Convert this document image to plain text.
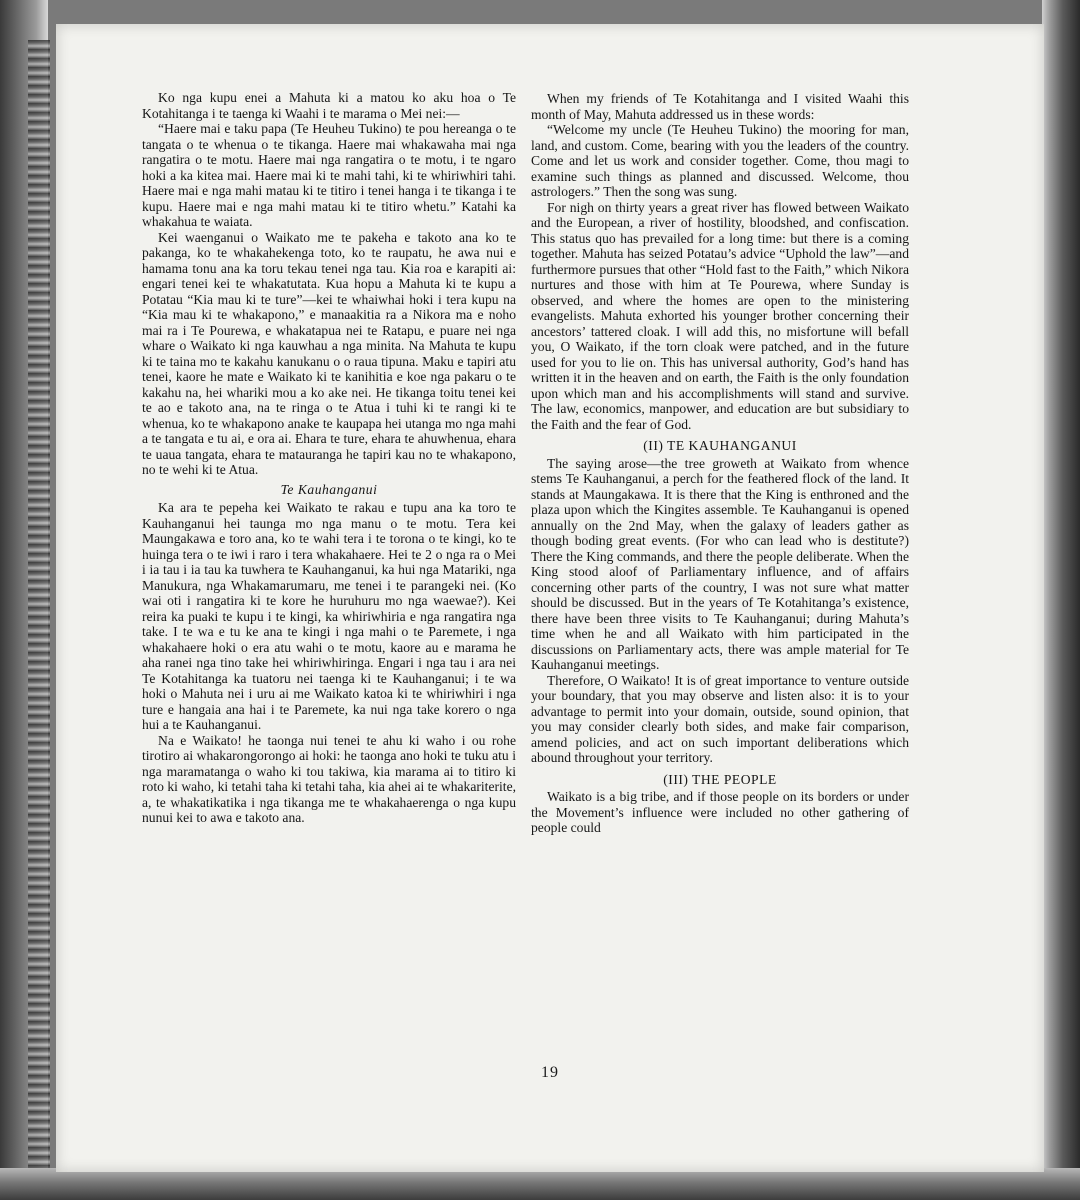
Ko nga kupu enei a Mahuta ki a matou ko aku hoa o Te Kotahitanga i te taenga ki Waahi i te marama o Mei nei:—

“Haere mai e taku papa (Te Heuheu Tukino) te pou hereanga o te tangata o te whenua o te tikanga. Haere mai whakawaha mai nga rangatira o te motu. Haere mai nga rangatira o te motu, i te ngaro hoki a ka kitea mai. Haere mai ki te mahi tahi, ki te whiriwhiri tahi. Haere mai e nga mahi matau ki te titiro i tenei hanga i te tikanga i te kupu. Haere mai e nga mahi matau ki te titiro whetu.” Katahi ka whakahua te waiata.

Kei waenganui o Waikato me te pakeha e takoto ana ko te pakanga, ko te whakahekenga toto, ko te raupatu, he awa nui e hamama tonu ana ka toru tekau tenei nga tau. Kia roa e karapiti ai: engari tenei kei te whakatutata. Kua hopu a Mahuta ki te kupu a Potatau “Kia mau ki te ture”—kei te whaiwhai hoki i tera kupu na “Kia mau ki te whakapono,” e manaakitia ra a Nikora ma e noho mai ra i Te Pourewa, e whakatapua nei te Ratapu, e puare nei nga whare o Waikato ki nga kauwhau a nga minita. Na Mahuta te kupu ki te taina mo te kakahu kanukanu o o raua tipuna. Maku e tapiri atu tenei, kaore he mate e Waikato ki te kanihitia e koe nga pakaru o te kakahu na, hei whariki mou a ko ake nei. He tikanga toitu tenei kei te ao e takoto ana, na te ringa o te Atua i tuhi ki te rangi ki te whenua, ko te whakapono anake te kaupapa hei utanga mo nga mahi a te tangata e tu ai, e ora ai. Ehara te ture, ehara te ahuwhenua, ehara te uaua tangata, ehara te matauranga he tapiri kau no te whakapono, no te wehi ki te Atua.

Te Kauhanganui

Ka ara te pepeha kei Waikato te rakau e tupu ana ka toro te Kauhanganui hei taunga mo nga manu o te motu. Tera kei Maungakawa e toro ana, ko te wahi tera i te torona o te kingi, ko te huinga tera o te iwi i raro i tera whakahaere. Hei te 2 o nga ra o Mei i ia tau i ia tau ka tuwhera te Kauhanganui, ka hui nga Matariki, nga Manukura, nga Whakamarumaru, me tenei i te parangeki nei. (Ko wai oti i rangatira ki te kore he huruhuru mo nga waewae?). Kei reira ka puaki te kupu i te kingi, ka whiriwhiria e nga rangatira nga take. I te wa e tu ke ana te kingi i nga mahi o te Paremete, i nga whakahaere hoki o era atu wahi o te motu, kaore au e marama he aha ranei nga tino take hei whiriwhiringa. Engari i nga tau i ara nei Te Kotahitanga ka tuatoru nei taenga ki te Kauhanganui; i te wa hoki o Mahuta nei i uru ai me Waikato katoa ki te whiriwhiri i nga ture e hangaia ana hai i te Paremete, ka nui nga take korero o nga hui a te Kauhanganui.

Na e Waikato! he taonga nui tenei te ahu ki waho i ou rohe tirotiro ai whakarongorongo ai hoki: he taonga ano hoki te tuku atu i nga maramatanga o waho ki tou takiwa, kia marama ai to titiro ki roto ki waho, ki tetahi taha ki tetahi taha, kia ahei ai te whakariterite, a, te whakatikatika i nga tikanga me te whakahaerenga o nga kupu nunui kei to awa e takoto ana.

When my friends of Te Kotahitanga and I visited Waahi this month of May, Mahuta addressed us in these words:

“Welcome my uncle (Te Heuheu Tukino) the mooring for man, land, and custom. Come, bearing with you the leaders of the country. Come and let us work and consider together. Come, thou magi to examine such things as planned and discussed. Welcome, thou astrologers.” Then the song was sung.

For nigh on thirty years a great river has flowed between Waikato and the European, a river of hostility, bloodshed, and confiscation. This status quo has prevailed for a long time: but there is a coming together. Mahuta has seized Potatau’s advice “Uphold the law”—and furthermore pursues that other “Hold fast to the Faith,” which Nikora nurtures and those with him at Te Pourewa, where Sunday is observed, and where the homes are open to the ministering evangelists. Mahuta exhorted his younger brother concerning their ancestors’ tattered cloak. I will add this, no misfortune will befall you, O Waikato, if the torn cloak were patched, and in the future used for you to lie on. This has universal authority, God’s hand has written it in the heaven and on earth, the Faith is the only foundation upon which man and his accomplishments will stand and survive. The law, economics, manpower, and education are but subsidiary to the Faith and the fear of God.

(II) TE KAUHANGANUI

The saying arose—the tree groweth at Waikato from whence stems Te Kauhanganui, a perch for the feathered flock of the land. It stands at Maungakawa. It is there that the King is enthroned and the plaza upon which the Kingites assemble. Te Kauhanganui is opened annually on the 2nd May, when the galaxy of leaders gather as though boding great events. (For who can lead who is destitute?) There the King commands, and there the people deliberate. When the King stood aloof of Parliamentary influence, and of affairs concerning other parts of the country, I was not sure what matter should be discussed. But in the years of Te Kotahitanga’s existence, there have been three visits to Te Kauhanganui; during Mahuta’s time when he and all Waikato with him participated in the discussions on Parliamentary acts, there was ample material for Te Kauhanganui meetings.

Therefore, O Waikato! It is of great importance to venture outside your boundary, that you may observe and listen also: it is to your advantage to permit into your domain, outside, sound opinion, that you may consider clearly both sides, and make fair comparison, amend policies, and act on such important deliberations which abound throughout your territory.

(III) THE PEOPLE

Waikato is a big tribe, and if those people on its borders or under the Movement’s influence were included no other gathering of people could

19
